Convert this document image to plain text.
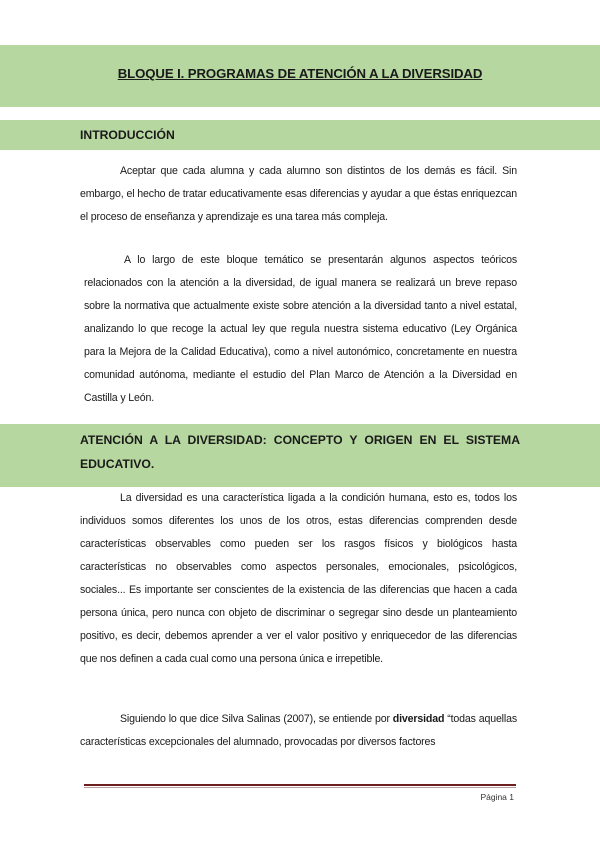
BLOQUE I. PROGRAMAS DE ATENCIÓN A LA DIVERSIDAD
INTRODUCCIÓN

Aceptar que cada alumna y cada alumno son distintos de los demás es fácil. Sin embargo, el hecho de tratar educativamente esas diferencias y ayudar a que éstas enriquezcan el proceso de enseñanza y aprendizaje es una tarea más compleja.

A lo largo de este bloque temático se presentarán algunos aspectos teóricos relacionados con la atención a la diversidad, de igual manera se realizará un breve repaso sobre la normativa que actualmente existe sobre atención a la diversidad tanto a nivel estatal, analizando lo que recoge la actual ley que regula nuestra sistema educativo (Ley Orgánica para la Mejora de la Calidad Educativa), como a nivel autonómico, concretamente en nuestra comunidad autónoma, mediante el estudio del Plan Marco de Atención a la Diversidad en Castilla y León.

ATENCIÓN A LA DIVERSIDAD: CONCEPTO Y ORIGEN EN EL SISTEMA EDUCATIVO.

La diversidad es una característica ligada a la condición humana, esto es, todos los individuos somos diferentes los unos de los otros, estas diferencias comprenden desde características observables como pueden ser los rasgos físicos y biológicos hasta características no observables como aspectos personales, emocionales, psicológicos, sociales... Es importante ser conscientes de la existencia de las diferencias que hacen a cada persona única, pero nunca con objeto de discriminar o segregar sino desde un planteamiento positivo, es decir, debemos aprender a ver el valor positivo y enriquecedor de las diferencias que nos definen a cada cual como una persona única e irrepetible.

Siguiendo lo que dice Silva Salinas (2007), se entiende por diversidad “todas aquellas características excepcionales del alumnado, provocadas por diversos factores

Página 1
